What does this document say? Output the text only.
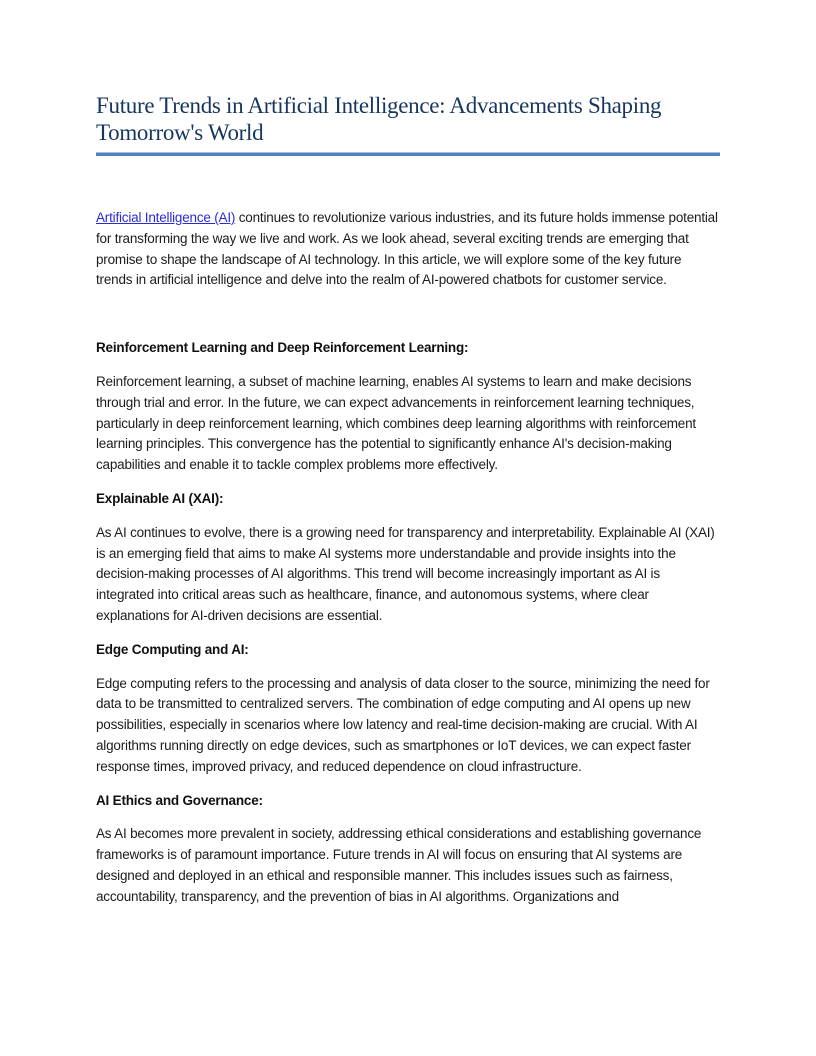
Future Trends in Artificial Intelligence: Advancements Shaping
Tomorrow's World

Artificial Intelligence (AI) continues to revolutionize various industries, and its future holds immense potential for transforming the way we live and work. As we look ahead, several exciting trends are emerging that promise to shape the landscape of AI technology. In this article, we will explore some of the key future trends in artificial intelligence and delve into the realm of AI-powered chatbots for customer service.

Reinforcement Learning and Deep Reinforcement Learning:

Reinforcement learning, a subset of machine learning, enables AI systems to learn and make decisions through trial and error. In the future, we can expect advancements in reinforcement learning techniques, particularly in deep reinforcement learning, which combines deep learning algorithms with reinforcement learning principles. This convergence has the potential to significantly enhance AI's decision-making capabilities and enable it to tackle complex problems more effectively.

Explainable AI (XAI):

As AI continues to evolve, there is a growing need for transparency and interpretability. Explainable AI (XAI) is an emerging field that aims to make AI systems more understandable and provide insights into the decision-making processes of AI algorithms. This trend will become increasingly important as AI is integrated into critical areas such as healthcare, finance, and autonomous systems, where clear explanations for AI-driven decisions are essential.

Edge Computing and AI:

Edge computing refers to the processing and analysis of data closer to the source, minimizing the need for data to be transmitted to centralized servers. The combination of edge computing and AI opens up new possibilities, especially in scenarios where low latency and real-time decision-making are crucial. With AI algorithms running directly on edge devices, such as smartphones or IoT devices, we can expect faster response times, improved privacy, and reduced dependence on cloud infrastructure.

AI Ethics and Governance:

As AI becomes more prevalent in society, addressing ethical considerations and establishing governance frameworks is of paramount importance. Future trends in AI will focus on ensuring that AI systems are designed and deployed in an ethical and responsible manner. This includes issues such as fairness, accountability, transparency, and the prevention of bias in AI algorithms. Organizations and
